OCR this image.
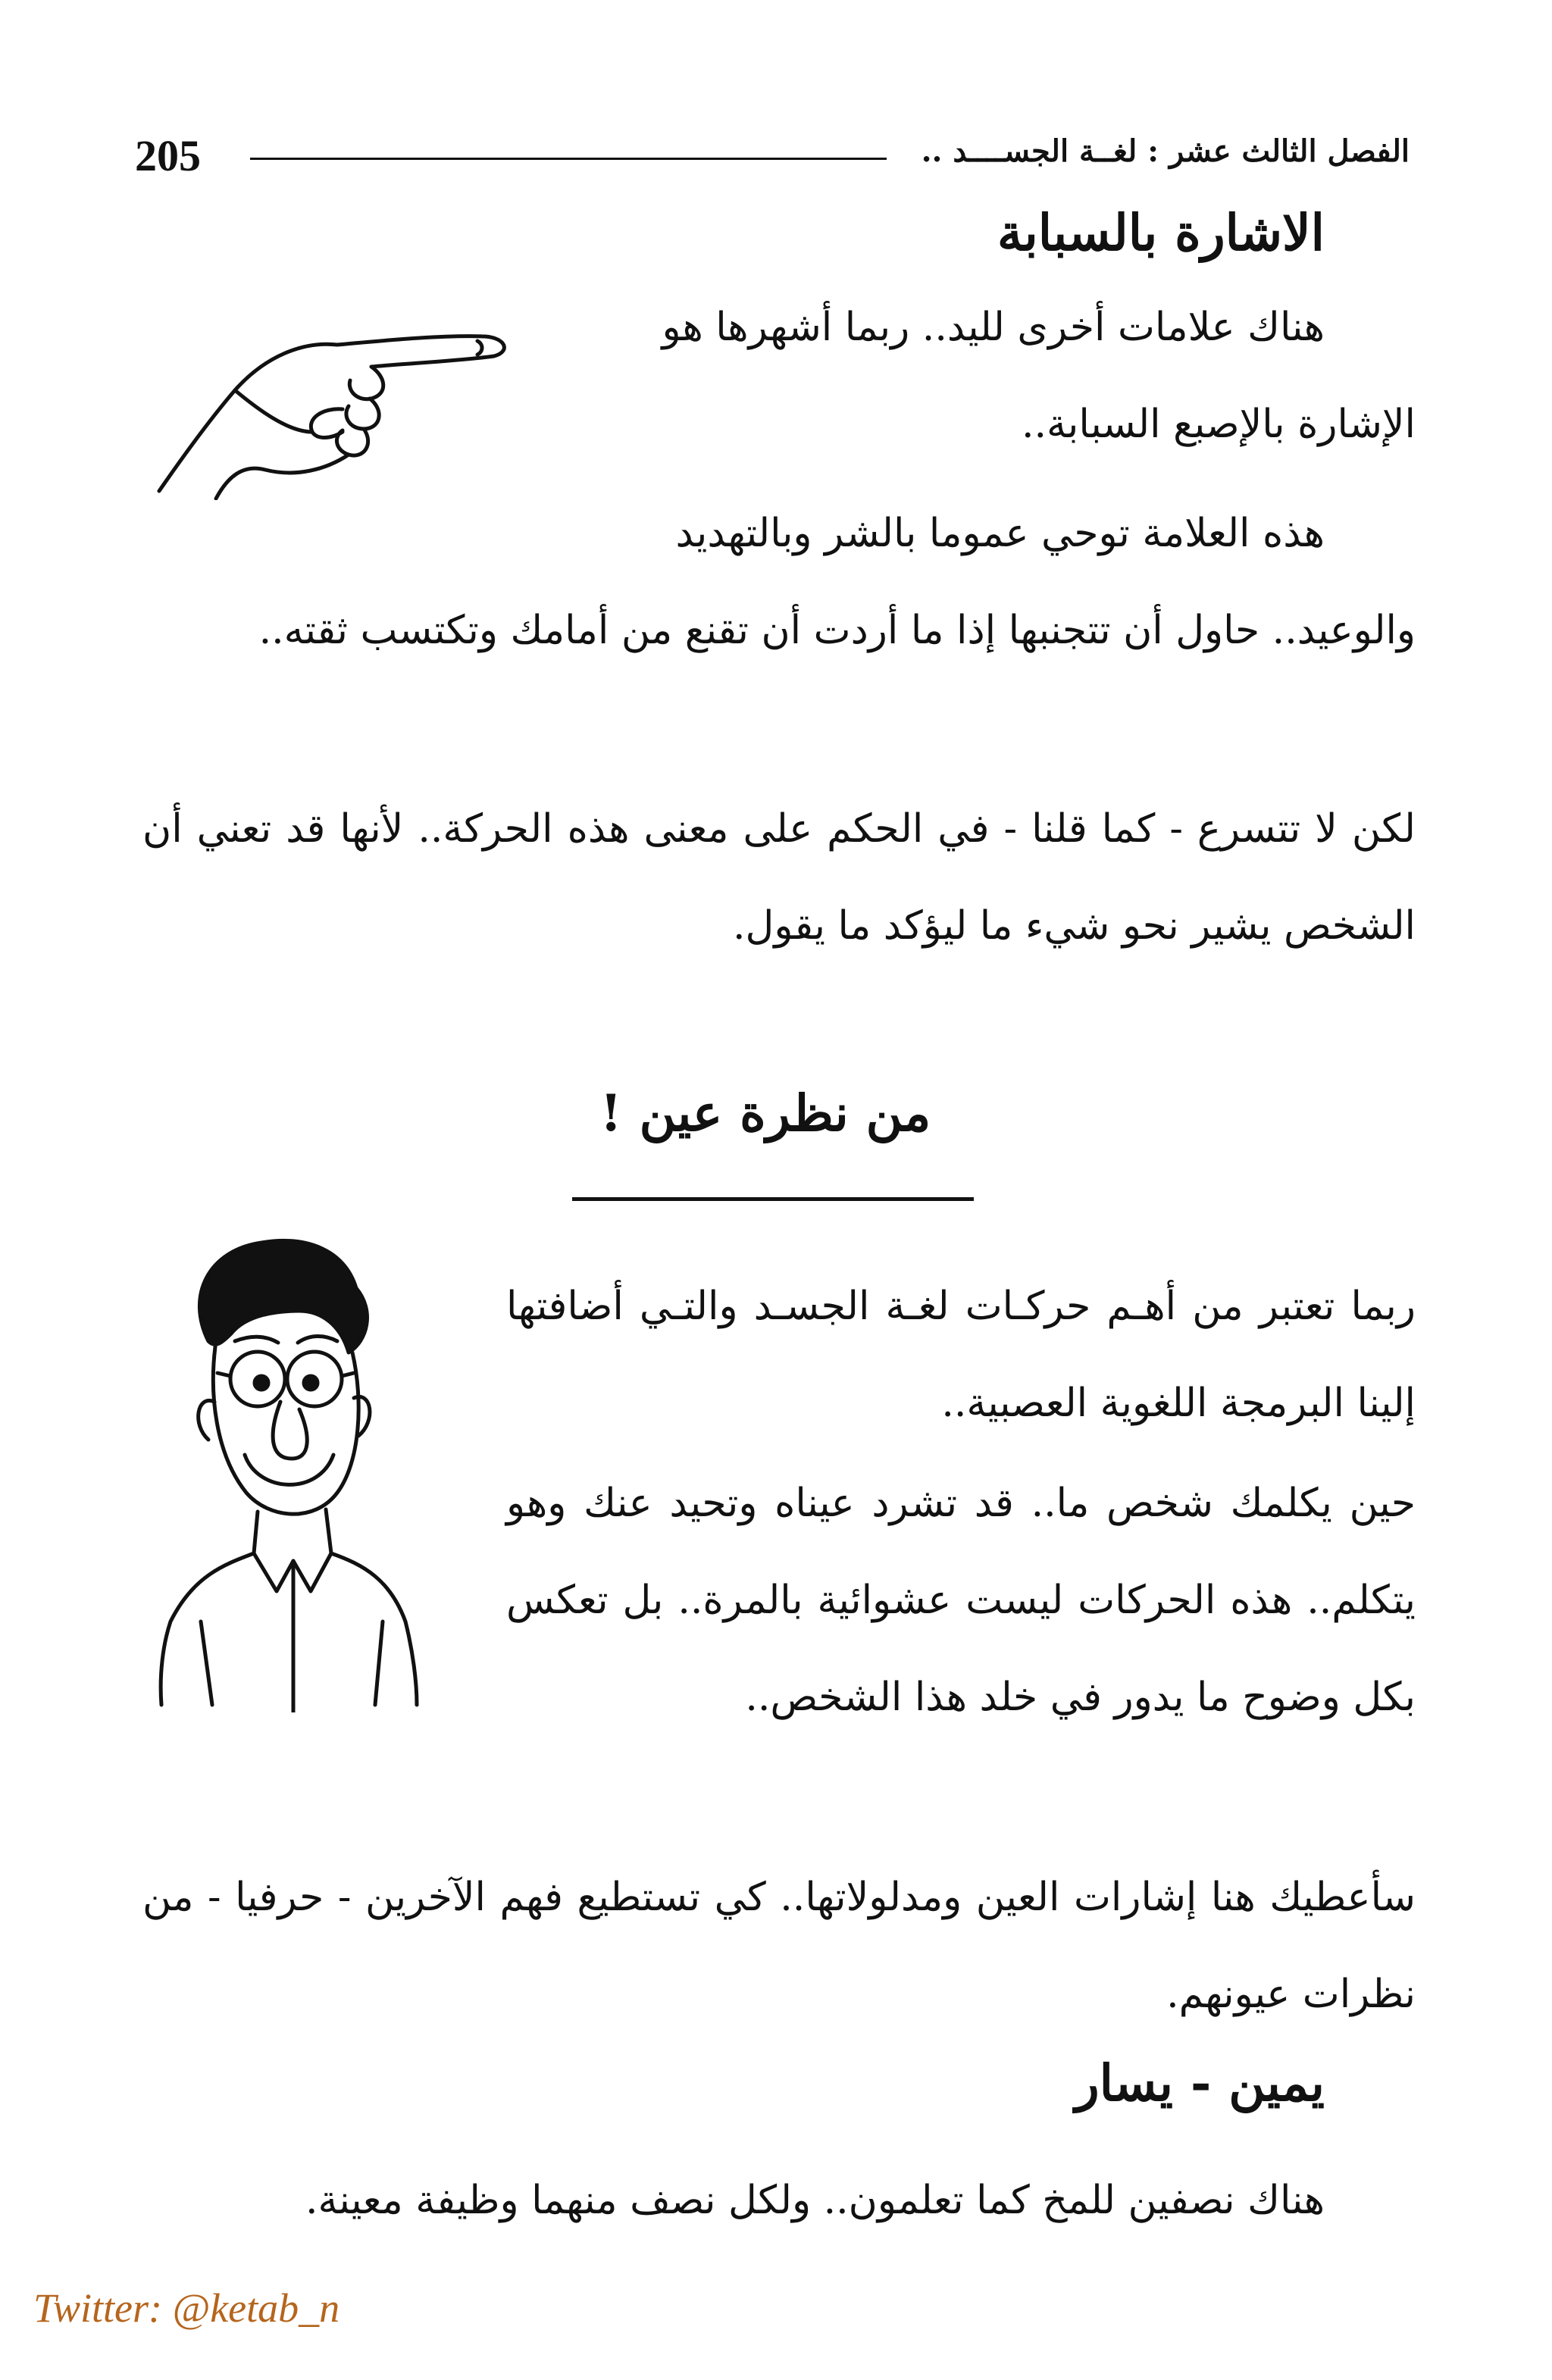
205	الفصل الثالث عشر : لغــة الجســــد ..
الاشارة بالسبابة
هناك علامات أخرى لليد.. ربما أشهرها هو
الإشارة بالإصبع السبابة..
هذه العلامة توحي عموما بالشر وبالتهديد
والوعيد.. حاول أن تتجنبها إذا ما أردت أن تقنع من أمامك وتكتسب ثقته..
لكن لا تتسرع - كما قلنا - في الحكم على معنى هذه الحركة.. لأنها قد تعني أن الشخص يشير نحو شيء ما ليؤكد ما يقول.
من نظرة عين !
ربما تعتبر من أهـم حركـات لغـة الجسـد والتـي أضافتها إلينا البرمجة اللغوية العصبية..
حين يكلمك شخص ما.. قد تشرد عيناه وتحيد عنك وهو يتكلم.. هذه الحركات ليست عشوائية بالمرة.. بل تعكس بكل وضوح ما يدور في خلد هذا الشخص..
سأعطيك هنا إشارات العين ومدلولاتها.. كي تستطيع فهم الآخرين - حرفيا - من نظرات عيونهم.
يمين - يسار
هناك نصفين للمخ كما تعلمون.. ولكل نصف منهما وظيفة معينة.
Twitter: @ketab_n
